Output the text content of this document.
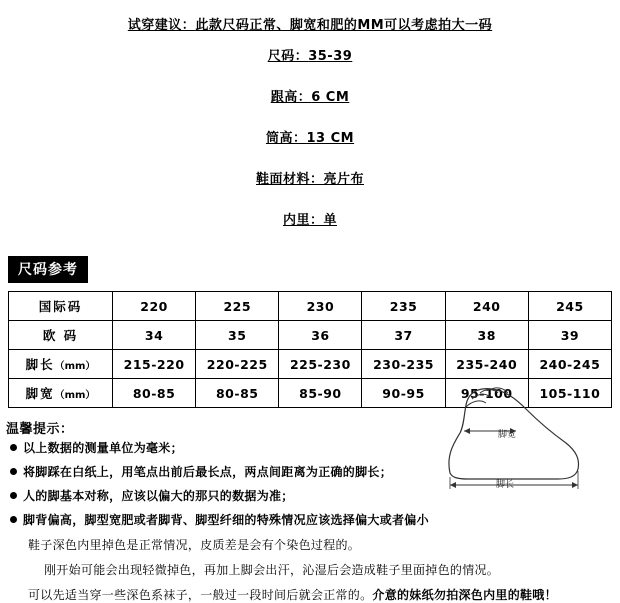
试穿建议：此款尺码正常、脚宽和肥的MM可以考虑拍大一码
尺码：35-39
跟高：6 CM
筒高：13 CM
鞋面材料：亮片布
内里：单
尺码参考
国际码	220	225	230	235	240	245
欧 码	34	35	36	37	38	39
脚长（mm）	215-220	220-225	225-230	230-235	235-240	240-245
脚宽（mm）	80-85	80-85	85-90	90-95	95-100	105-110
温馨提示：
以上数据的测量单位为毫米；
将脚踩在白纸上，用笔点出前后最长点，两点间距离为正确的脚长；
人的脚基本对称，应该以偏大的那只的数据为准；
脚背偏高，脚型宽肥或者脚背、脚型纤细的特殊情况应该选择偏大或者偏小

鞋子深色内里掉色是正常情况，皮质差是会有个染色过程的。

刚开始可能会出现轻微掉色，再加上脚会出汗，沁湿后会造成鞋子里面掉色的情况。

可以先适当穿一些深色系袜子，一般过一段时间后就会正常的。介意的妹纸勿拍深色内里的鞋哦！

脚宽
脚长
